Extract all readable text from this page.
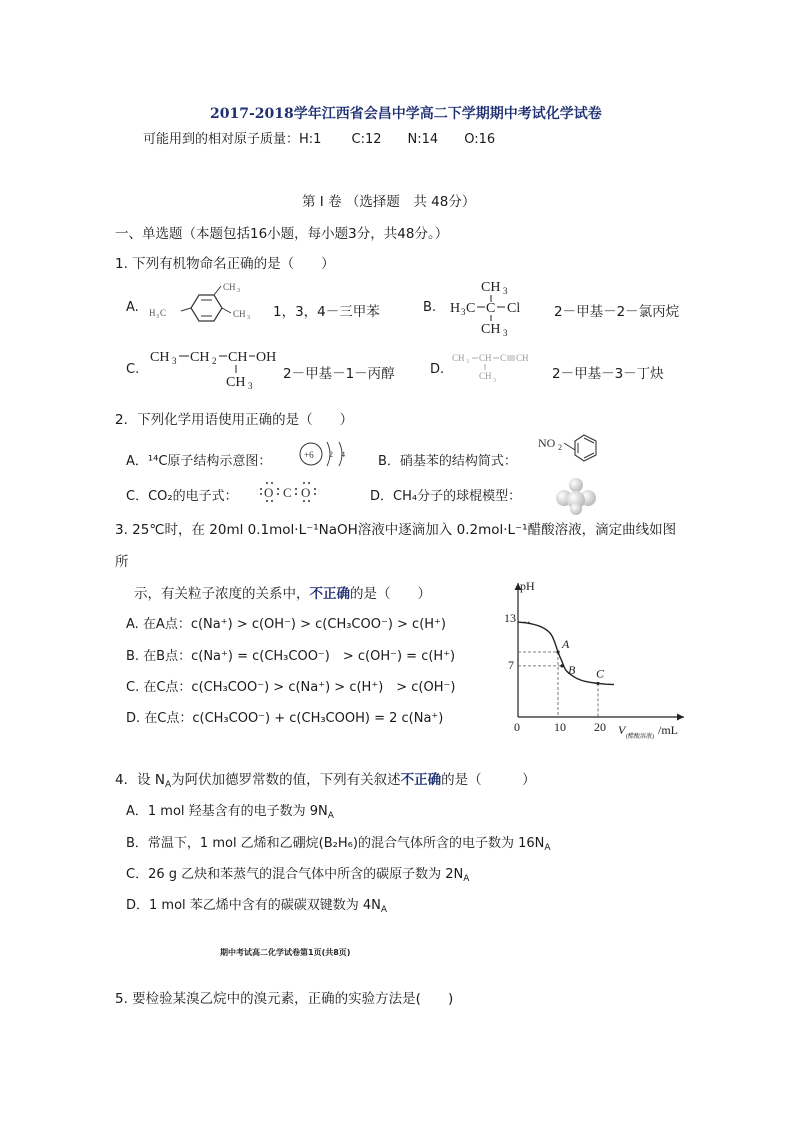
2017-2018学年江西省会昌中学高二下学期期中考试化学试卷
可能用到的相对原子质量：H:1　　 C:12　　N:14　　O:16
第 I 卷 （选择题　共 48分）
一、单选题（本题包括16小题，每小题3分，共48分。）
1. 下列有机物命名正确的是（　　）
A.
CH 3
CH 3
H 3 C	1，3，4－三甲苯	B.
CH 3
H 3 C C Cl
CH 3
2－甲基－2－氯丙烷
C.
CH 3 CH 2 CH OH
CH 3
2－甲基－1－丙醇	D.
CH 3 CH C CH
CH 3	2－甲基－3－丁炔
2．下列化学用语使用正确的是（　　）
A．¹⁴C原子结构示意图：	+6 2 4	B．硝基苯的结构简式：
NO 2
C．CO₂的电子式： O C O	D．CH₄分子的球棍模型：
3. 25℃时，在 20ml 0.1mol·L⁻¹NaOH溶液中逐滴加入 0.2mol·L⁻¹醋酸溶液，滴定曲线如图
所
示，有关粒子浓度的关系中，不正确的是（　　）
A. 在A点：c(Na⁺) > c(OH⁻) > c(CH₃COO⁻) > c(H⁺)
B. 在B点：c(Na⁺) = c(CH₃COO⁻)　> c(OH⁻) = c(H⁺)
C. 在C点：c(CH₃COO⁻) > c(Na⁺) > c(H⁺)　> c(OH⁻)
D. 在C点：c(CH₃COO⁻) + c(CH₃COOH) = 2 c(Na⁺)
pH
13
7
0	10 20 V (醋酸溶液) /mL
A
B C
4．设 $N_A$为阿伏加德罗常数的值，下列有关叙述不正确的是（　　　）
A．1 mol 羟基含有的电子数为 $9N_A$
B．常温下，1 mol 乙烯和乙硼烷(B₂H₆)的混合气体所含的电子数为 $16N_A$
C．26 g 乙炔和苯蒸气的混合气体中所含的碳原子数为 $2N_A$
D．1 mol 苯乙烯中含有的碳碳双键数为 $4N_A$
期中考试高二化学试卷第1页(共8页)
5. 要检验某溴乙烷中的溴元素，正确的实验方法是(　　)
